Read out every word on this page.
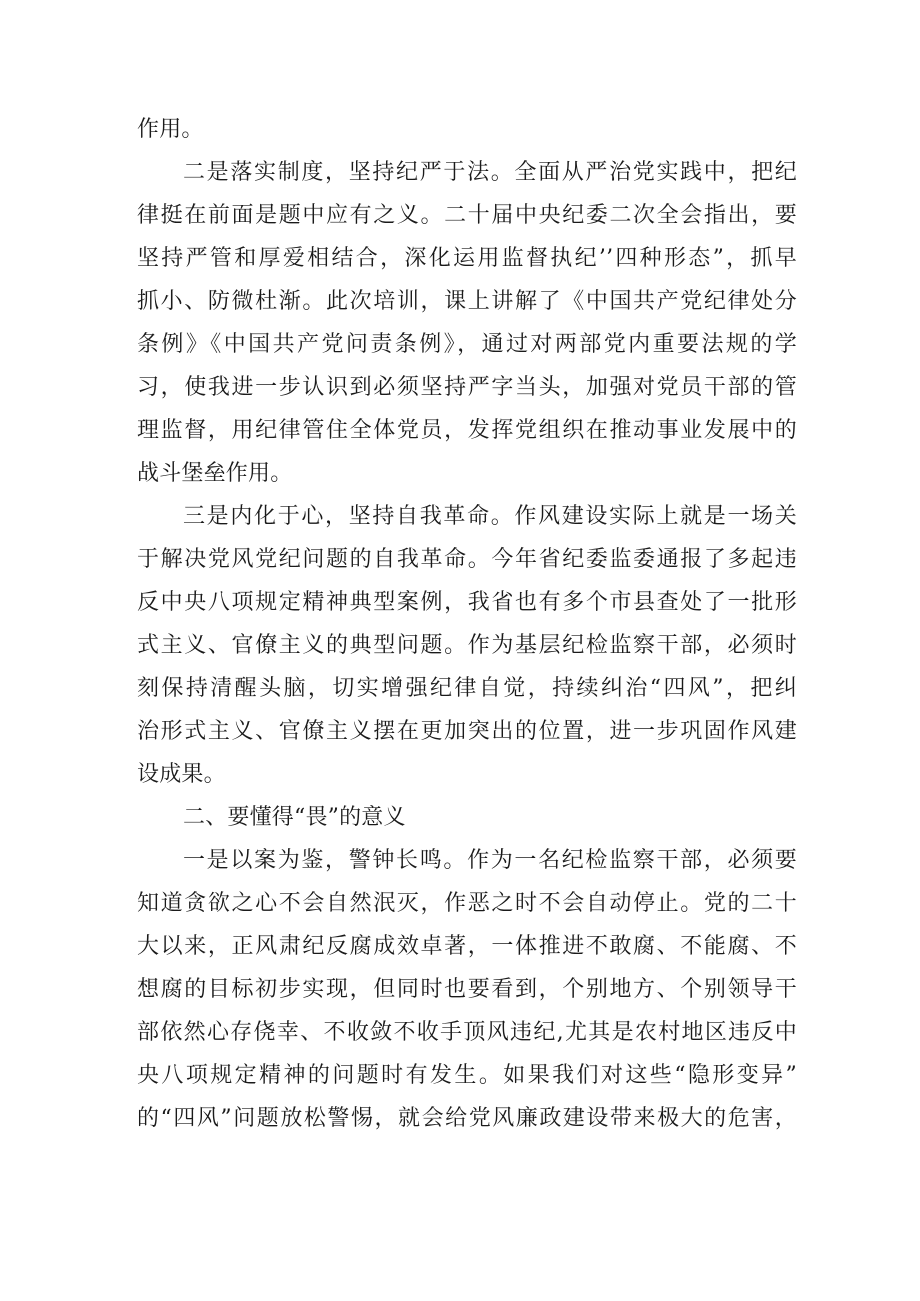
作用。
二是落实制度，坚持纪严于法。全面从严治党实践中，把纪
律挺在前面是题中应有之义。二十届中央纪委二次全会指出，要
坚持严管和厚爱相结合，深化运用监督执纪’’四种形态”，抓早
抓小、防微杜渐。此次培训，课上讲解了《中国共产党纪律处分
条例》《中国共产党问责条例》，通过对两部党内重要法规的学
习，使我进一步认识到必须坚持严字当头，加强对党员干部的管
理监督，用纪律管住全体党员，发挥党组织在推动事业发展中的
战斗堡垒作用。
三是内化于心，坚持自我革命。作风建设实际上就是一场关
于解决党风党纪问题的自我革命。今年省纪委监委通报了多起违
反中央八项规定精神典型案例，我省也有多个市县查处了一批形
式主义、官僚主义的典型问题。作为基层纪检监察干部，必须时
刻保持清醒头脑，切实增强纪律自觉，持续纠治“四风”，把纠
治形式主义、官僚主义摆在更加突出的位置，进一步巩固作风建
设成果。
二、要懂得“畏”的意义
一是以案为鉴，警钟长鸣。作为一名纪检监察干部，必须要
知道贪欲之心不会自然泯灭，作恶之时不会自动停止。党的二十
大以来，正风肃纪反腐成效卓著，一体推进不敢腐、不能腐、不
想腐的目标初步实现，但同时也要看到，个别地方、个别领导干
部依然心存侥幸、不收敛不收手顶风违纪,尤其是农村地区违反中
央八项规定精神的问题时有发生。如果我们对这些“隐形变异”
的“四风”问题放松警惕，就会给党风廉政建设带来极大的危害，
